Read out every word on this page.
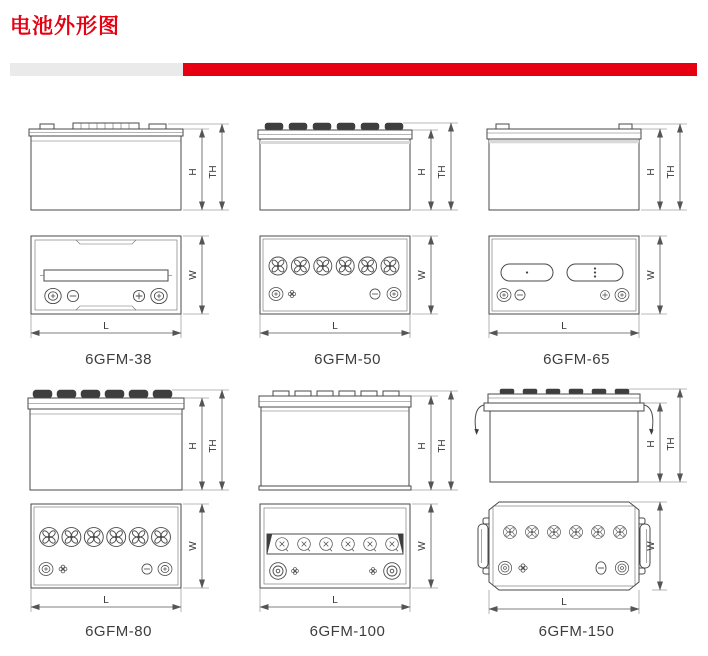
电池外形图
H TH
W
L
6GFM-38
H TH
W
L
6GFM-50
H TH
W
L
6GFM-65
H TH
W
L
6GFM-80
H TH
W
L
6GFM-100
H TH
W
L
6GFM-150
